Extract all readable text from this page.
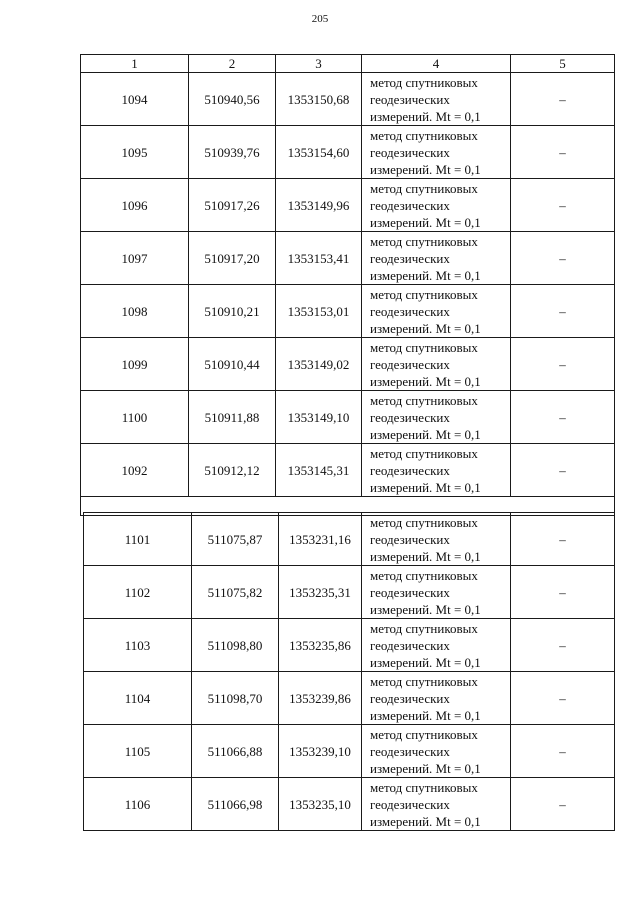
205
1	2	3	4	5
1094	510940,56	1353150,68	метод спутниковых
геодезических
измерений. Mt = 0,1	–
1095	510939,76	1353154,60	метод спутниковых
геодезических
измерений. Mt = 0,1	–
1096	510917,26	1353149,96	метод спутниковых
геодезических
измерений. Mt = 0,1	–
1097	510917,20	1353153,41	метод спутниковых
геодезических
измерений. Mt = 0,1	–
1098	510910,21	1353153,01	метод спутниковых
геодезических
измерений. Mt = 0,1	–
1099	510910,44	1353149,02	метод спутниковых
геодезических
измерений. Mt = 0,1	–
1100	510911,88	1353149,10	метод спутниковых
геодезических
измерений. Mt = 0,1	–
1092	510912,12	1353145,31	метод спутниковых
геодезических
измерений. Mt = 0,1	–

1101	511075,87	1353231,16	метод спутниковых
геодезических
измерений. Mt = 0,1	–
1102	511075,82	1353235,31	метод спутниковых
геодезических
измерений. Mt = 0,1	–
1103	511098,80	1353235,86	метод спутниковых
геодезических
измерений. Mt = 0,1	–
1104	511098,70	1353239,86	метод спутниковых
геодезических
измерений. Mt = 0,1	–
1105	511066,88	1353239,10	метод спутниковых
геодезических
измерений. Mt = 0,1	–
1106	511066,98	1353235,10	метод спутниковых
геодезических
измерений. Mt = 0,1	–
